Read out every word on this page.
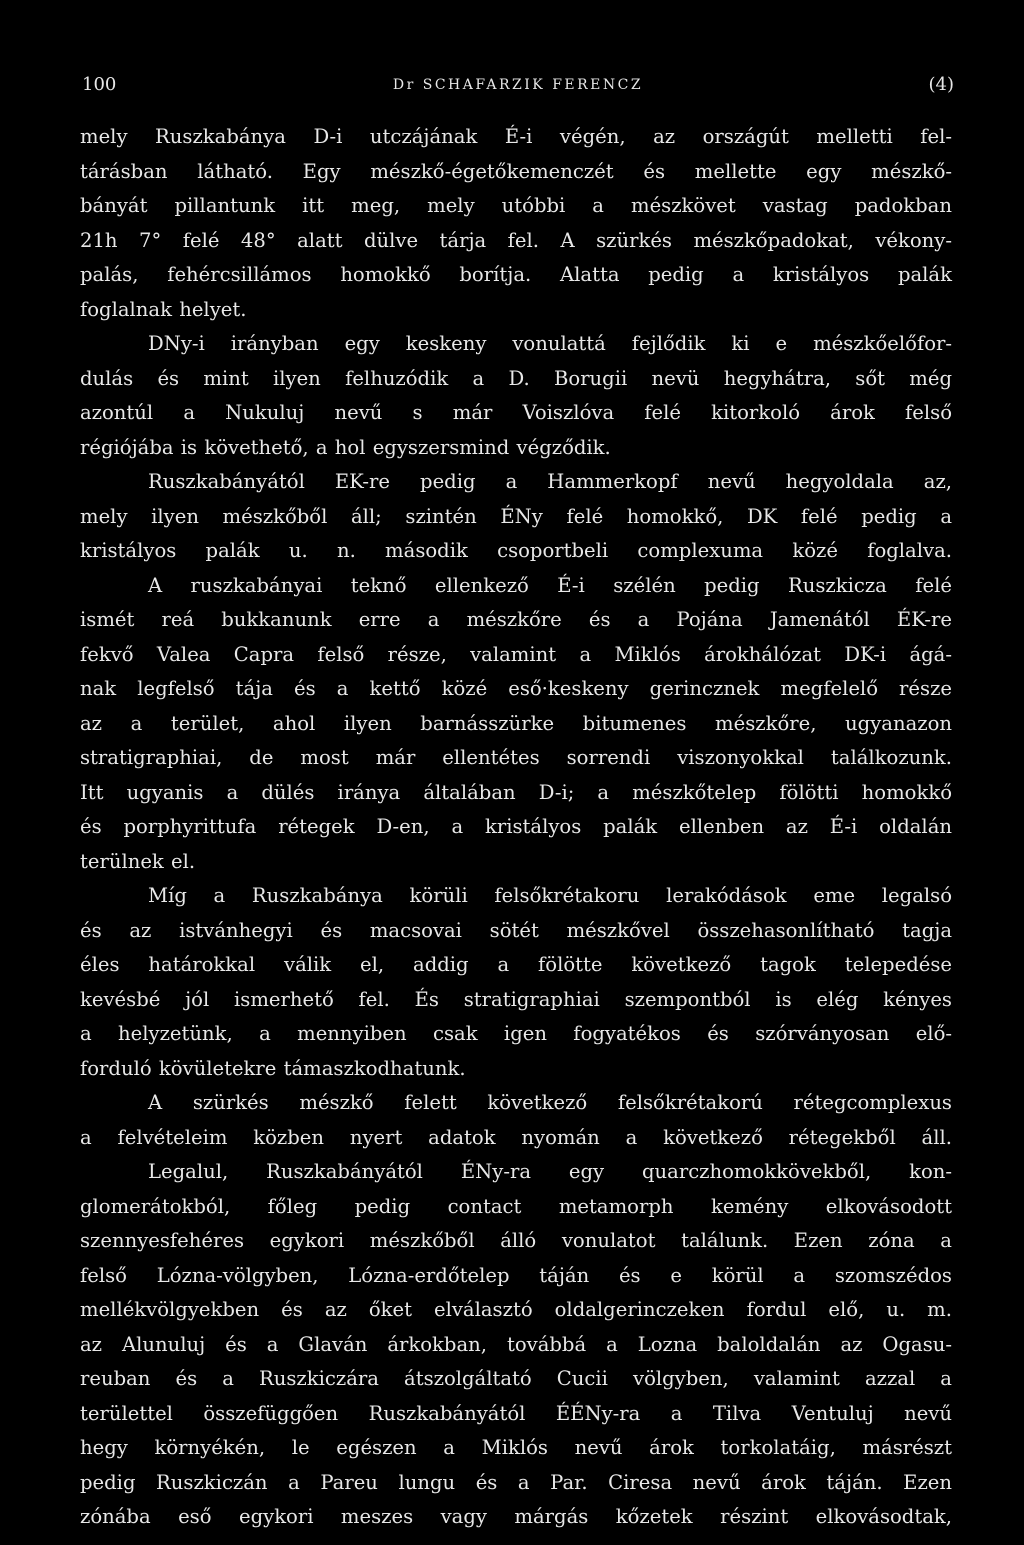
100	Dr SCHAFARZIK FERENCZ	(4)
mely Ruszkabánya D-i utczájának É-i végén, az országút melletti fel-
tárásban látható. Egy mészkő-égetőkemenczét és mellette egy mészkő-
bányát pillantunk itt meg, mely utóbbi a mészkövet vastag padokban
21h 7° felé 48° alatt dülve tárja fel. A szürkés mészkőpadokat, vékony-
palás, fehércsillámos homokkő borítja. Alatta pedig a kristályos palák
foglalnak helyet.
DNy-i irányban egy keskeny vonulattá fejlődik ki e mészkőelőfor-
dulás és mint ilyen felhuzódik a D. Borugii nevü hegyhátra, sőt még
azontúl a Nukuluj nevű s már Voiszlóva felé kitorkoló árok felső
régiójába is követhető, a hol egyszersmind végződik.
Ruszkabányától EK-re pedig a Hammerkopf nevű hegyoldala az,
mely ilyen mészkőből áll; szintén ÉNy felé homokkő, DK felé pedig a
kristályos palák u. n. második csoportbeli complexuma közé foglalva.
A ruszkabányai teknő ellenkező É-i szélén pedig Ruszkicza felé
ismét reá bukkanunk erre a mészkőre és a Pojána Jamenától ÉK-re
fekvő Valea Capra felső része, valamint a Miklós árokhálózat DK-i ágá-
nak legfelső tája és a kettő közé eső·keskeny gerincznek megfelelő része
az a terület, ahol ilyen barnásszürke bitumenes mészkőre, ugyanazon
stratigraphiai, de most már ellentétes sorrendi viszonyokkal találkozunk.
Itt ugyanis a dülés iránya általában D-i; a mészkőtelep fölötti homokkő
és porphyrittufa rétegek D-en, a kristályos palák ellenben az É-i oldalán
terülnek el.
Míg a Ruszkabánya körüli felsőkrétakoru lerakódások eme legalsó
és az istvánhegyi és macsovai sötét mészkővel összehasonlítható tagja
éles határokkal válik el, addig a fölötte következő tagok telepedése
kevésbé jól ismerhető fel. És stratigraphiai szempontból is elég kényes
a helyzetünk, a mennyiben csak igen fogyatékos és szórványosan elő-
forduló kövületekre támaszkodhatunk.
A szürkés mészkő felett következő felsőkrétakorú rétegcomplexus
a felvételeim közben nyert adatok nyomán a következő rétegekből áll.
Legalul, Ruszkabányától ÉNy-ra egy quarczhomokkövekből, kon-
glomerátokból, főleg pedig contact metamorph kemény elkovásodott
szennyesfehéres egykori mészkőből álló vonulatot találunk. Ezen zóna a
felső Lózna-völgyben, Lózna-erdőtelep táján és e körül a szomszédos
mellékvölgyekben és az őket elválasztó oldalgerinczeken fordul elő, u. m.
az Alunuluj és a Glaván árkokban, továbbá a Lozna baloldalán az Ogasu-
reuban és a Ruszkiczára átszolgáltató Cucii völgyben, valamint azzal a
területtel összefüggően Ruszkabányától ÉÉNy-ra a Tilva Ventuluj nevű
hegy környékén, le egészen a Miklós nevű árok torkolatáig, másrészt
pedig Ruszkiczán a Pareu lungu és a Par. Ciresa nevű árok táján. Ezen
zónába eső egykori meszes vagy márgás kőzetek részint elkovásodtak,
